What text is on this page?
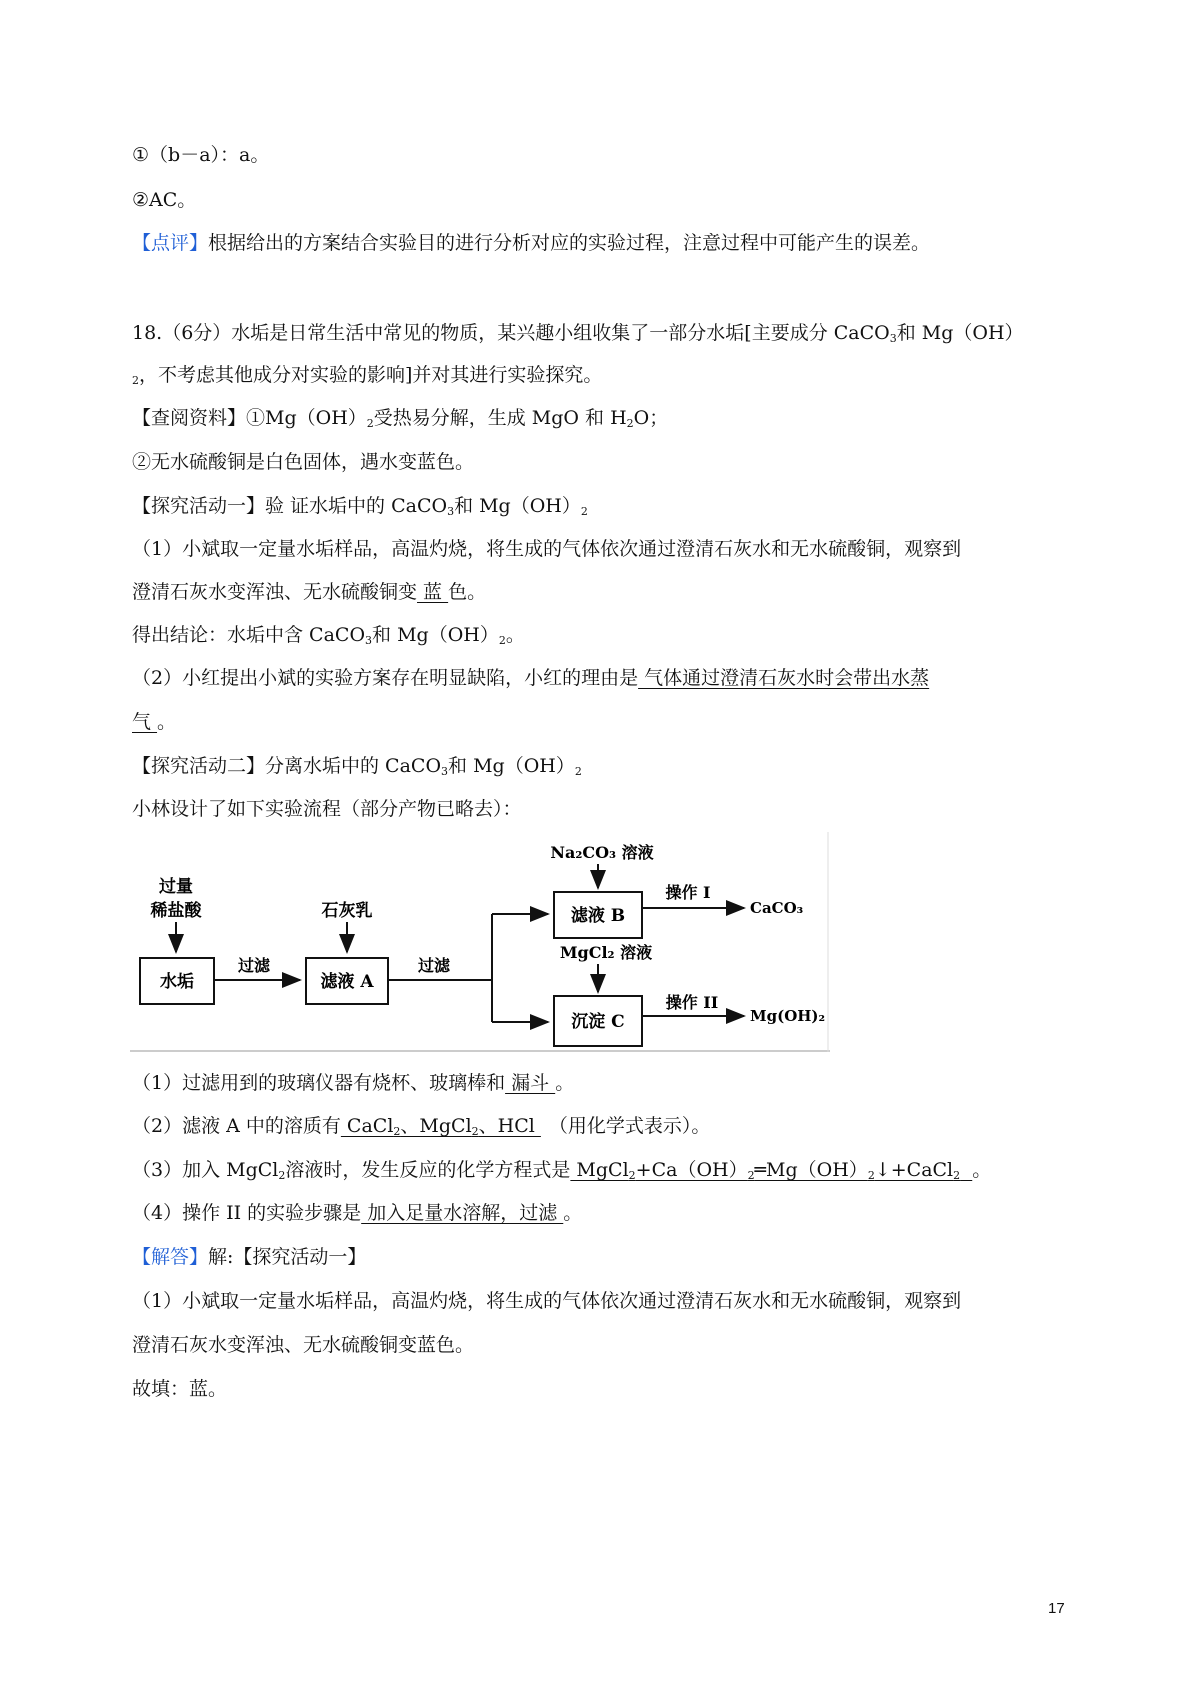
①（b－a）：a。
②AC。
【点评】根据给出的方案结合实验目的进行分析对应的实验过程，注意过程中可能产生的误差。
18.（6分）水垢是日常生活中常见的物质，某兴趣小组收集了一部分水垢[主要成分 CaCO$_3$和 Mg（OH）
$_2$，不考虑其他成分对实验的影响]并对其进行实验探究。
【查阅资料】$①Mg(OH)_2$受热易分解，生成 MgO 和 $H_2O$；
②无水硫酸铜是白色固体，遇水变蓝色。
【探究活动一】验 证水垢中的 CaCO$_3$和 $Mg(OH)_2$
（1）小斌取一定量水垢样品，高温灼烧，将生成的气体依次通过澄清石灰水和无水硫酸铜，观察到
澄清石灰水变浑浊、无水硫酸铜变 蓝 色。
得出结论：水垢中含 CaCO$_3$和 $Mg(OH)_2$。
（2）小红提出小斌的实验方案存在明显缺陷，小红的理由是 气体通过澄清石灰水时会带出水蒸
气 。
【探究活动二】分离水垢中的 CaCO$_3$和 $Mg(OH)_2$
小林设计了如下实验流程（部分产物已略去）：
过量
稀盐酸
水垢
过滤
石灰乳
滤液 A
过滤
Na₂CO₃ 溶液
滤液 B
操作 I
CaCO₃
MgCl₂ 溶液
沉淀 C
操作 II
Mg(OH)₂
（1）过滤用到的玻璃仪器有烧杯、玻璃棒和 漏斗 。
（2）滤液 A 中的溶质有 CaCl$_2$、MgCl$_2$、HCl （用化学式表示）。
（3）加入 MgCl$_2$溶液时，发生反应的化学方程式是 $MgCl_2+Ca(OH)_2═Mg(OH)_2↓+CaCl_2$ 。
（4）操作 II 的实验步骤是 加入足量水溶解，过滤 。
【解答】解:【探究活动一】
（1）小斌取一定量水垢样品，高温灼烧，将生成的气体依次通过澄清石灰水和无水硫酸铜，观察到
澄清石灰水变浑浊、无水硫酸铜变蓝色。
故填：蓝。
17
